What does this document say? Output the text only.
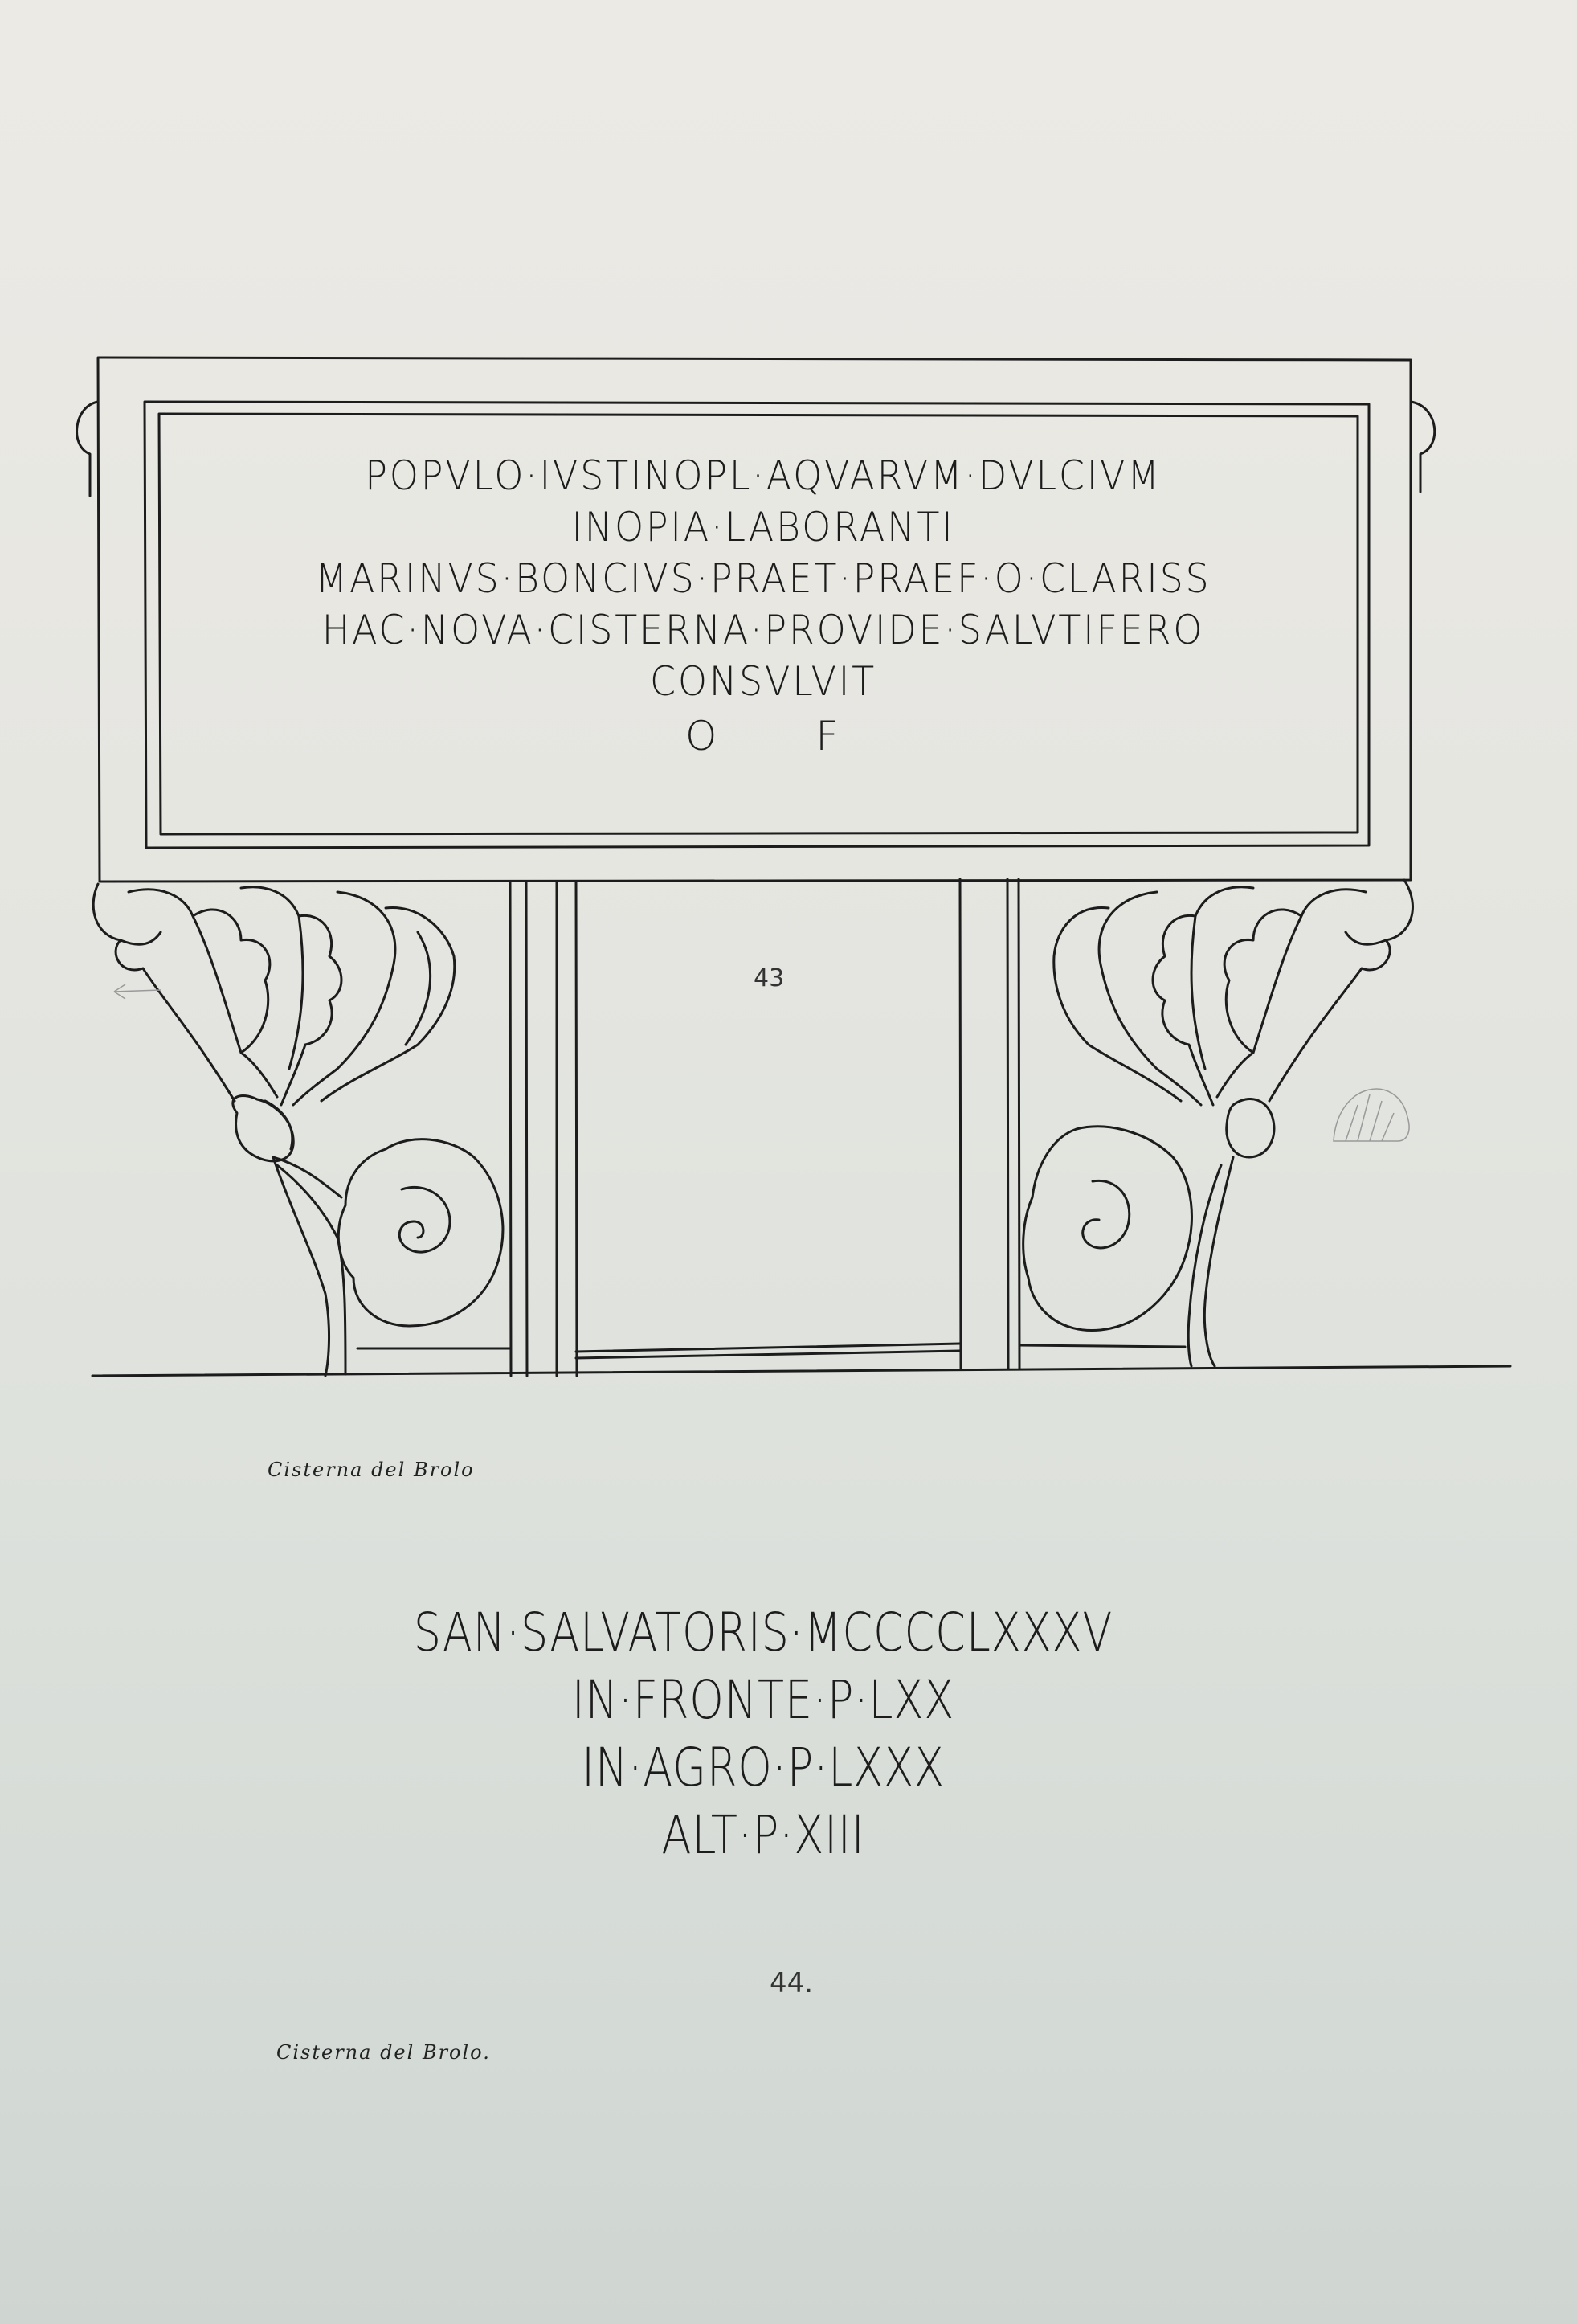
POPVLO·IVSTINOPL·AQVARVM·DVLCIVM
INOPIA·LABORANTI
MARINVS·BONCIVS·PRAET·PRAEF·O·CLARISS
HAC·NOVA·CISTERNA·PROVIDE·SALVTIFERO
CONSVLVIT
O F
43
Cisterna del Brolo
SAN·SALVATORIS·MCCCCLXXXV
IN·FRONTE·P·LXX
IN·AGRO·P·LXXX
ALT·P·XIII
44.
Cisterna del Brolo.
